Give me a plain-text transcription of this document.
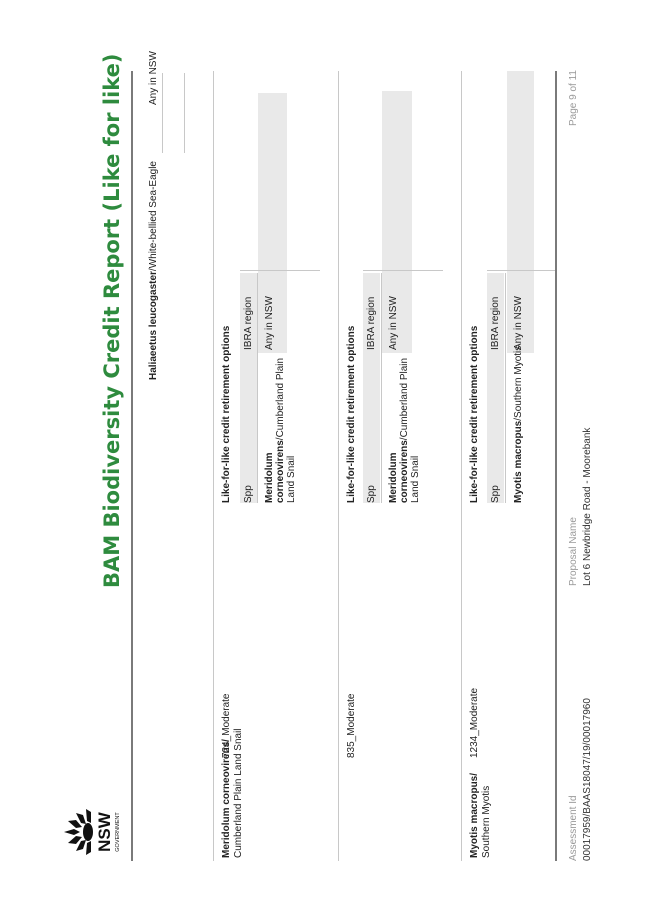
NSW GOVERNMENT
BAM Biodiversity Credit Report (Like for like) Haliaeetus leucogaster/White-bellied Sea-Eagle
Any in NSW
Meridolum corneovirens/ Cumberland Plain Land Snail
724_Moderate
Like-for-like credit retirement options Spp
IBRA region
Meridolum corneovirens/Cumberland Plain Land Snail
Any in NSW
835_Moderate
Like-for-like credit retirement options Spp
IBRA region
Meridolum corneovirens/Cumberland Plain Land Snail
Any in NSW
Myotis macropus/ Southern Myotis
1234_Moderate
Like-for-like credit retirement options Spp
IBRA region
Myotis macropus/Southern Myotis
Any in NSW
Assessment Id 00017959/BAAS18047/19/00017960
Proposal Name Lot 6 Newbridge Road - Moorebank
Page 9 of 11
